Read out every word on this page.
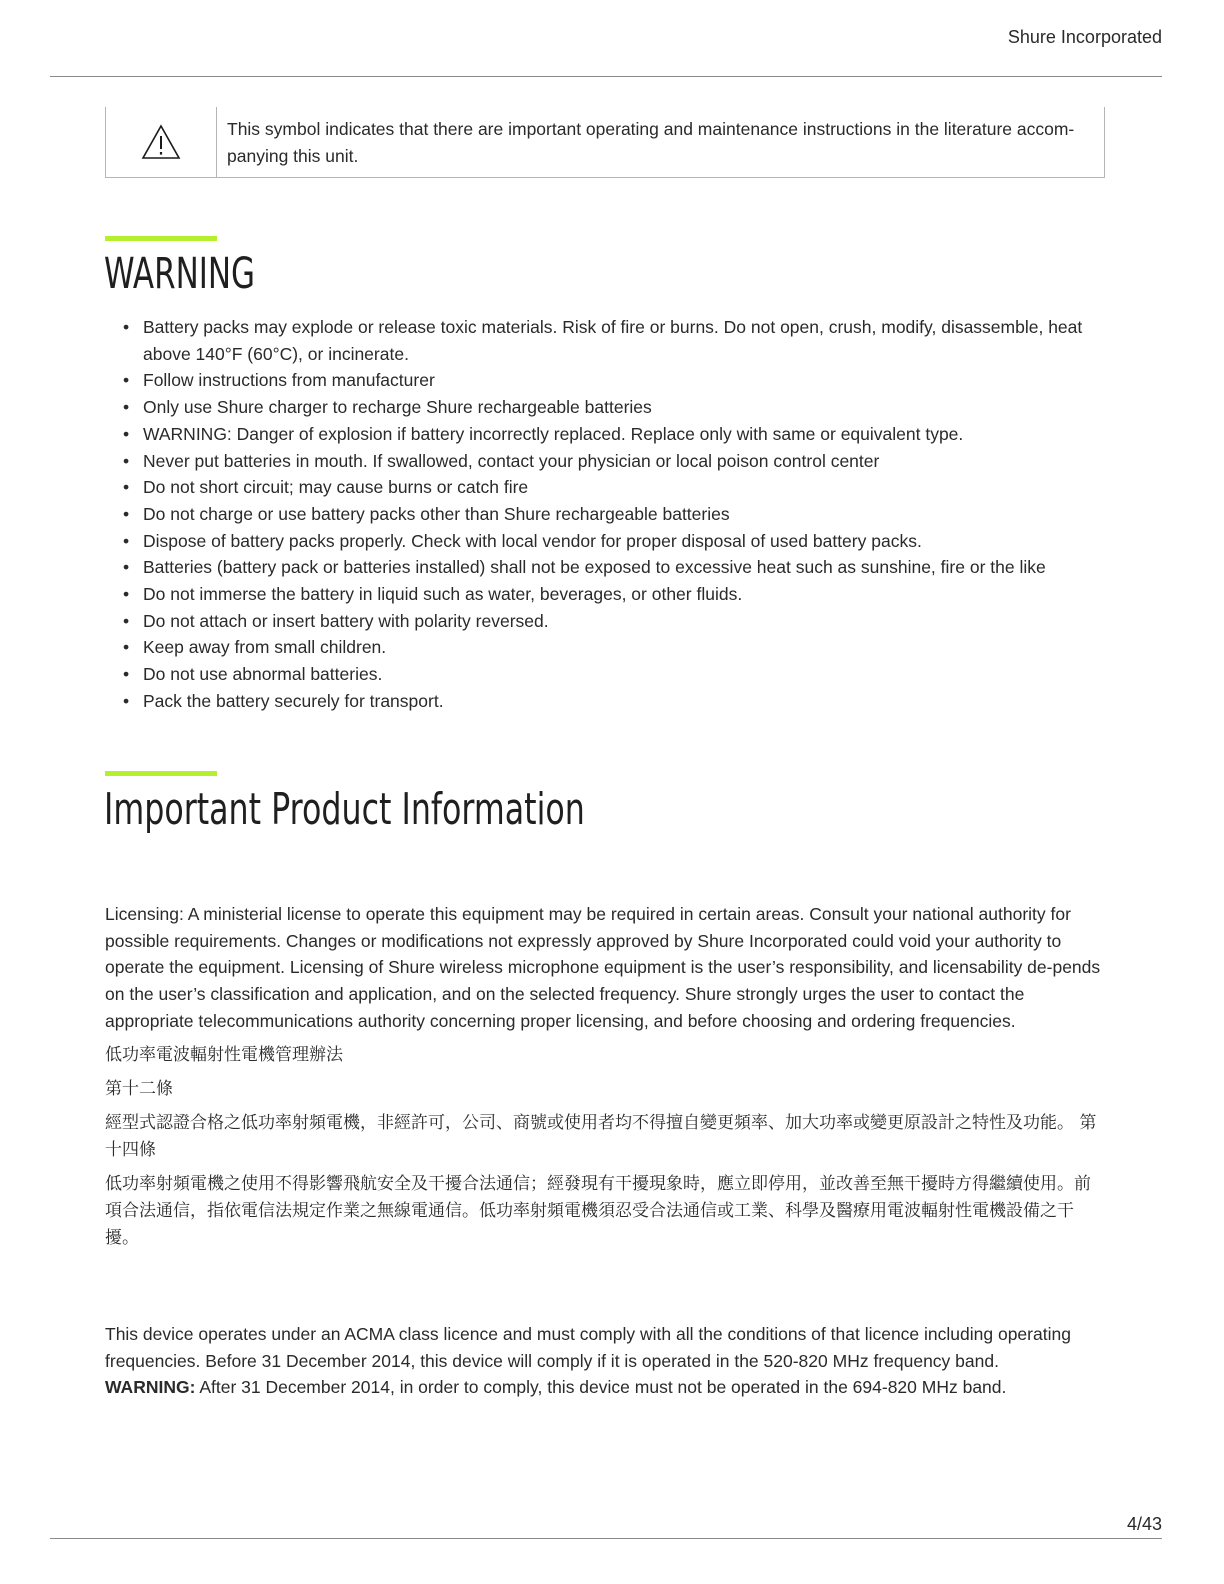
Shure Incorporated
This symbol indicates that there are important operating and maintenance instructions in the literature accom-panying this unit.
WARNING
• Battery packs may explode or release toxic materials. Risk of fire or burns. Do not open, crush, modify, disassemble, heat above 140°F (60°C), or incinerate.
• Follow instructions from manufacturer
• Only use Shure charger to recharge Shure rechargeable batteries
• WARNING: Danger of explosion if battery incorrectly replaced. Replace only with same or equivalent type.
• Never put batteries in mouth. If swallowed, contact your physician or local poison control center
• Do not short circuit; may cause burns or catch fire
• Do not charge or use battery packs other than Shure rechargeable batteries
• Dispose of battery packs properly. Check with local vendor for proper disposal of used battery packs.
• Batteries (battery pack or batteries installed) shall not be exposed to excessive heat such as sunshine, fire or the like
• Do not immerse the battery in liquid such as water, beverages, or other fluids.
• Do not attach or insert battery with polarity reversed.
• Keep away from small children.
• Do not use abnormal batteries.
• Pack the battery securely for transport.
Important Product Information

Licensing: A ministerial license to operate this equipment may be required in certain areas. Consult your national authority for possible requirements. Changes or modifications not expressly approved by Shure Incorporated could void your authority to operate the equipment. Licensing of Shure wireless microphone equipment is the user’s responsibility, and licensability de-pends on the user’s classification and application, and on the selected frequency. Shure strongly urges the user to contact the appropriate telecommunications authority concerning proper licensing, and before choosing and ordering frequencies.

低功率電波輻射性電機管理辦法

第十二條

經型式認證合格之低功率射頻電機，非經許可，公司、商號或使用者均不得擅自變更頻率、加大功率或變更原設計之特性及功能。 第十四條

低功率射頻電機之使用不得影響飛航安全及干擾合法通信；經發現有干擾現象時，應立即停用，並改善至無干擾時方得繼續使用。前項合法通信，指依電信法規定作業之無線電通信。低功率射頻電機須忍受合法通信或工業、科學及醫療用電波輻射性電機設備之干擾。

This device operates under an ACMA class licence and must comply with all the conditions of that licence including operating frequencies. Before 31 December 2014, this device will comply if it is operated in the 520-820 MHz frequency band.
WARNING: After 31 December 2014, in order to comply, this device must not be operated in the 694-820 MHz band.

4/43
